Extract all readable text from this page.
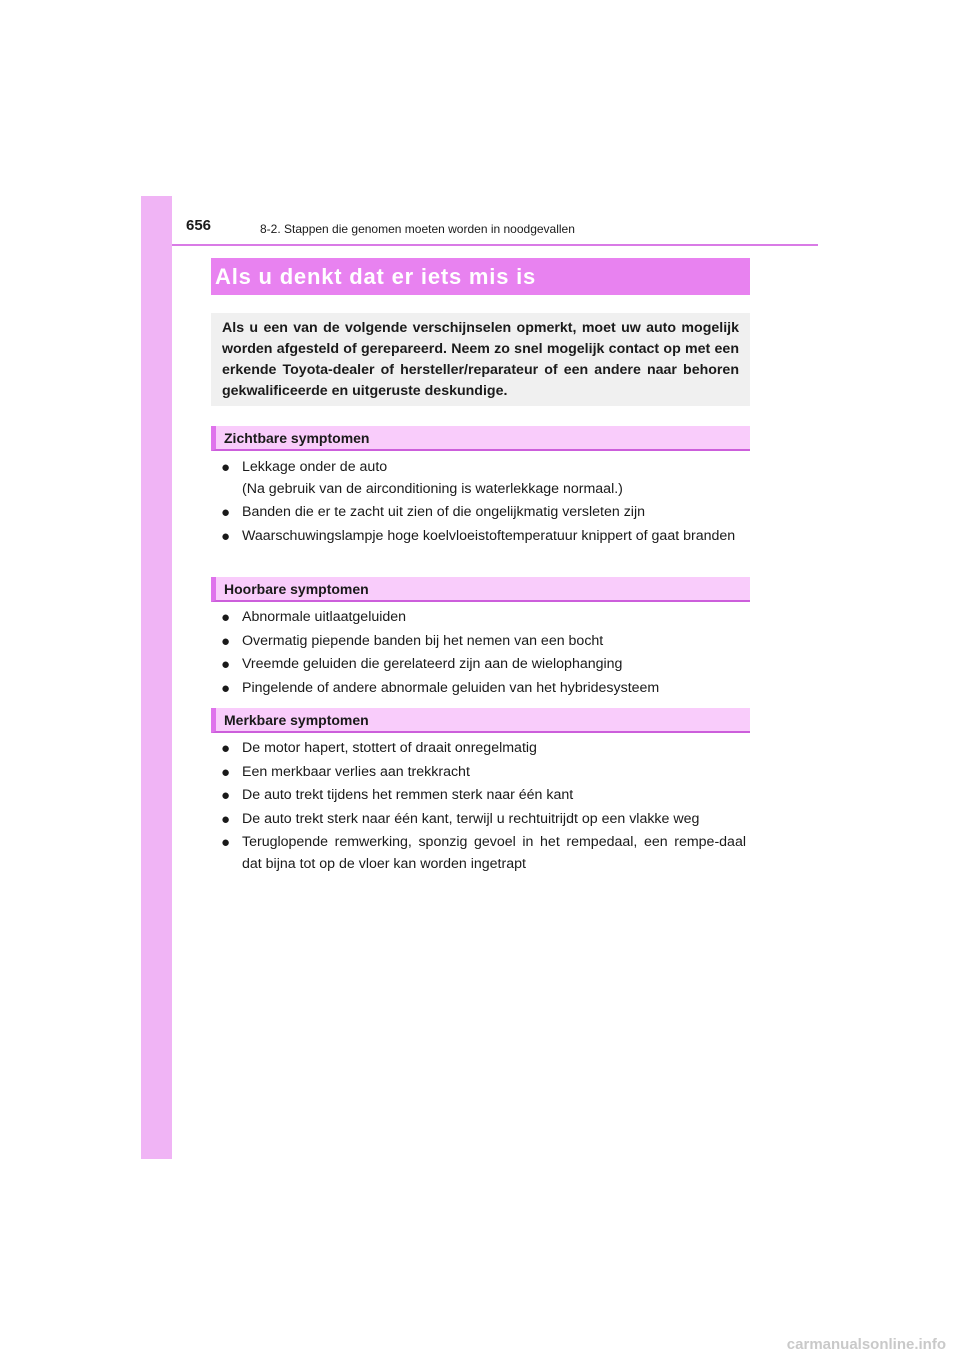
656	8-2. Stappen die genomen moeten worden in noodgevallen
Als u denkt dat er iets mis is
Als u een van de volgende verschijnselen opmerkt, moet uw auto mogelijk worden afgesteld of gerepareerd. Neem zo snel mogelijk contact op met een erkende Toyota-dealer of hersteller/reparateur of een andere naar behoren gekwalificeerde en uitgeruste deskundige.
Zichtbare symptomen
● Lekkage onder de auto
(Na gebruik van de airconditioning is waterlekkage normaal.)
● Banden die er te zacht uit zien of die ongelijkmatig versleten zijn
● Waarschuwingslampje hoge koelvloeistoftemperatuur knippert of gaat branden
Hoorbare symptomen
● Abnormale uitlaatgeluiden
● Overmatig piepende banden bij het nemen van een bocht
● Vreemde geluiden die gerelateerd zijn aan de wielophanging
● Pingelende of andere abnormale geluiden van het hybridesysteem
Merkbare symptomen
● De motor hapert, stottert of draait onregelmatig
● Een merkbaar verlies aan trekkracht
● De auto trekt tijdens het remmen sterk naar één kant
● De auto trekt sterk naar één kant, terwijl u rechtuitrijdt op een vlakke weg
● Teruglopende remwerking, sponzig gevoel in het rempedaal, een rempe-daal dat bijna tot op de vloer kan worden ingetrapt
carmanualsonline.info
